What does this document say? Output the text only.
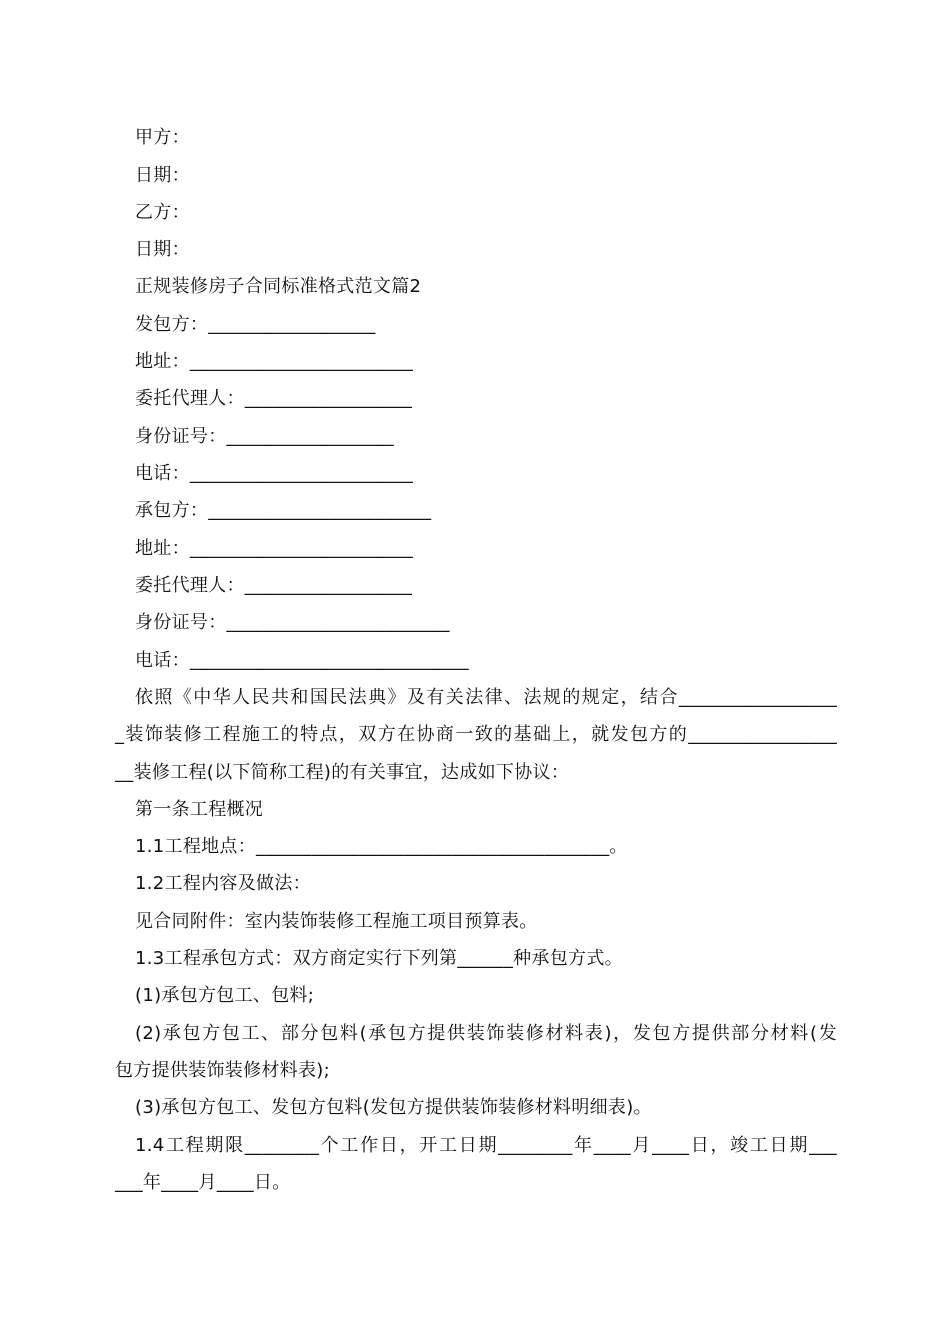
甲方：
日期：
乙方：
日期：
正规装修房子合同标准格式范文篇2
发包方：__________________
地址：________________________
委托代理人：__________________
身份证号：__________________
电话：________________________
承包方：________________________
地址：________________________
委托代理人：__________________
身份证号：________________________
电话：______________________________
依照《中华人民共和国民法典》及有关法律、法规的规定，结合_________________
_装饰装修工程施工的特点，双方在协商一致的基础上，就发包方的________________
__装修工程(以下简称工程)的有关事宜，达成如下协议：
第一条工程概况
1.1工程地点：______________________________________。
1.2工程内容及做法：
见合同附件：室内装饰装修工程施工项目预算表。
1.3工程承包方式：双方商定实行下列第______种承包方式。
(1)承包方包工、包料;
(2)承包方包工、部分包料(承包方提供装饰装修材料表)，发包方提供部分材料(发
包方提供装饰装修材料表);
(3)承包方包工、发包方包料(发包方提供装饰装修材料明细表)。
1.4工程期限________个工作日，开工日期________年____月____日，竣工日期___
___年____月____日。
